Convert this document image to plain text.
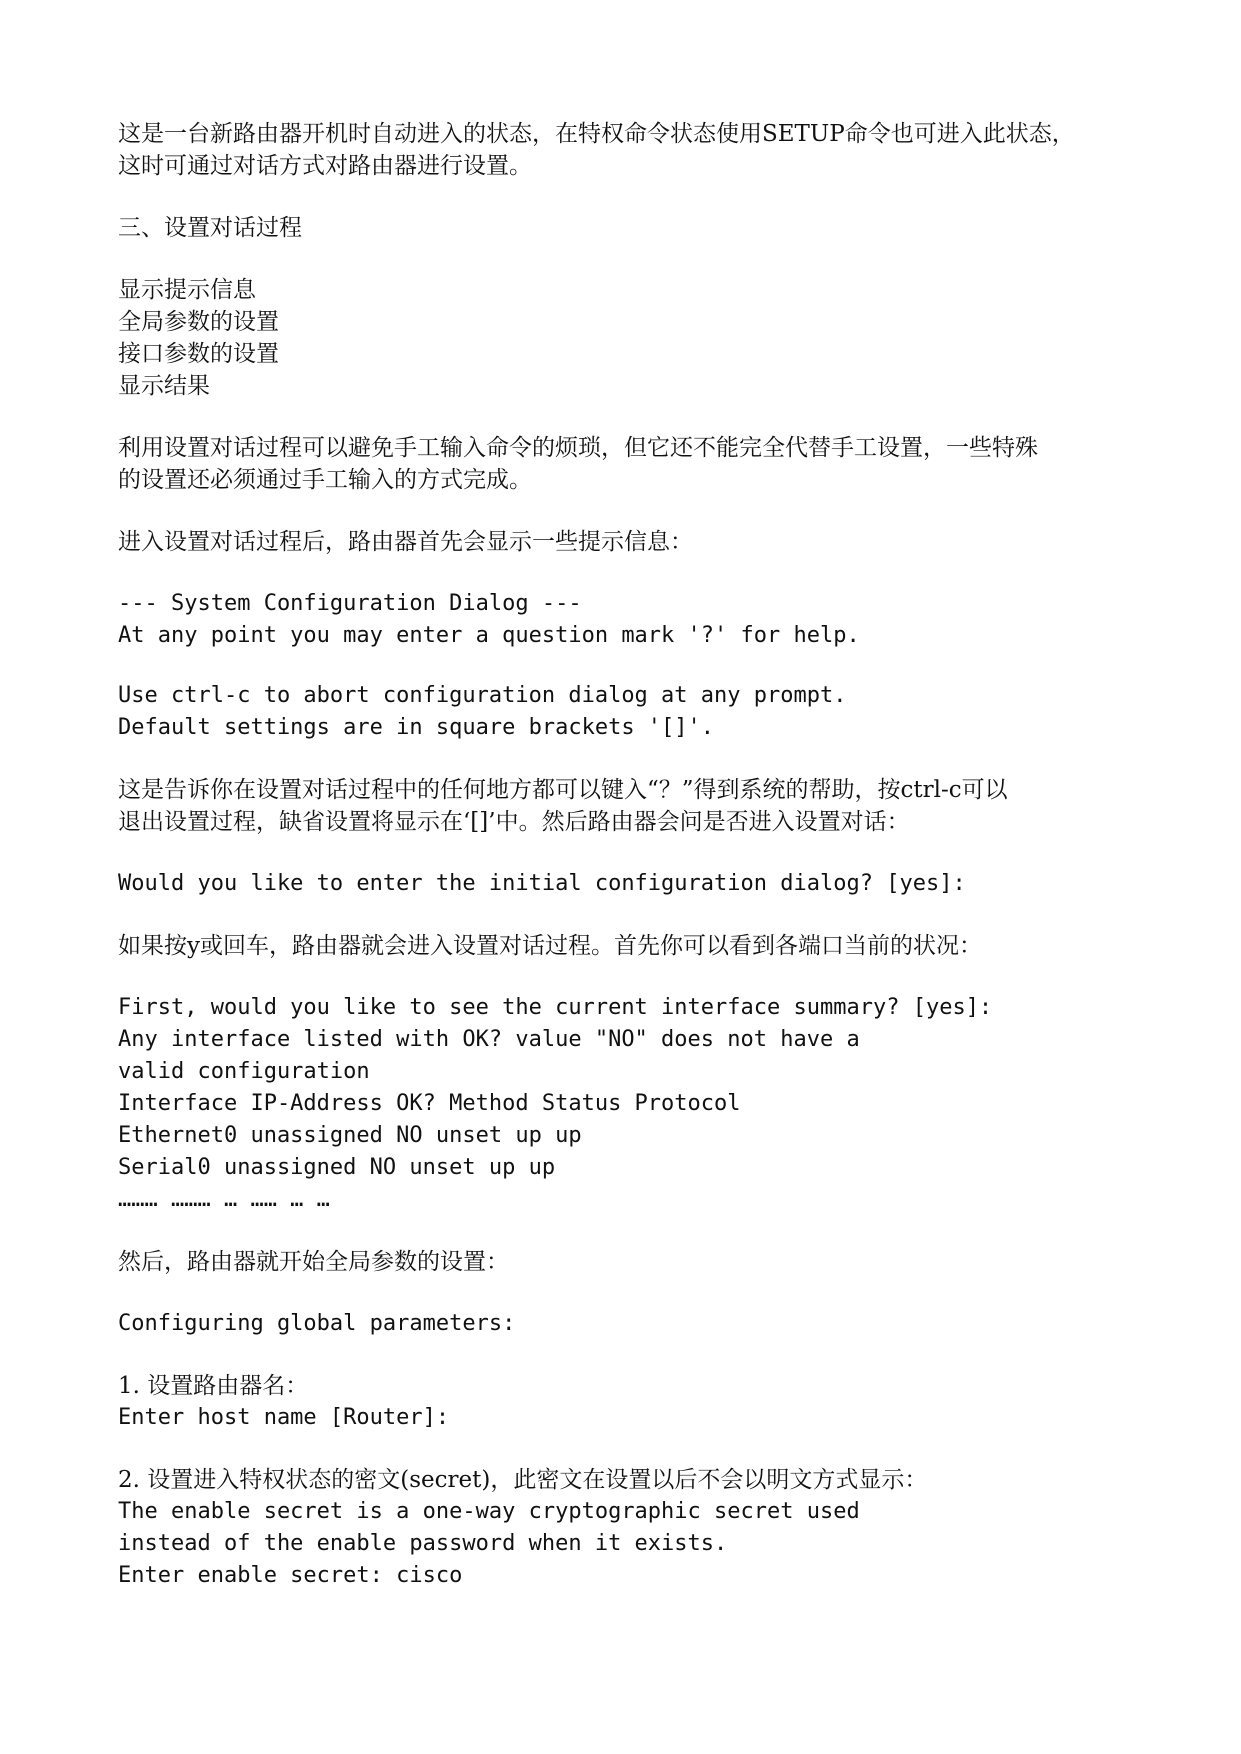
这是一台新路由器开机时自动进入的状态，在特权命令状态使用SETUP命令也可进入此状态，

这时可通过对话方式对路由器进行设置。

三、设置对话过程

显示提示信息

全局参数的设置

接口参数的设置

显示结果

利用设置对话过程可以避免手工输入命令的烦琐，但它还不能完全代替手工设置，一些特殊

的设置还必须通过手工输入的方式完成。

进入设置对话过程后，路由器首先会显示一些提示信息：

--- System Configuration Dialog ---

At any point you may enter a question mark '?' for help.

Use ctrl-c to abort configuration dialog at any prompt.

Default settings are in square brackets '[]'.

这是告诉你在设置对话过程中的任何地方都可以键入“？”得到系统的帮助，按ctrl-c可以

退出设置过程，缺省设置将显示在‘[]’中。然后路由器会问是否进入设置对话：

Would you like to enter the initial configuration dialog? [yes]:

如果按y或回车，路由器就会进入设置对话过程。首先你可以看到各端口当前的状况：

First, would you like to see the current interface summary? [yes]:

Any interface listed with OK? value "NO" does not have a

valid configuration

Interface IP-Address OK? Method Status Protocol

Ethernet0 unassigned NO unset up up

Serial0 unassigned NO unset up up

……… ……… … …… … …

然后，路由器就开始全局参数的设置：

Configuring global parameters:

1. 设置路由器名：

Enter host name [Router]:

2. 设置进入特权状态的密文(secret)，此密文在设置以后不会以明文方式显示：

The enable secret is a one-way cryptographic secret used

instead of the enable password when it exists.

Enter enable secret: cisco
